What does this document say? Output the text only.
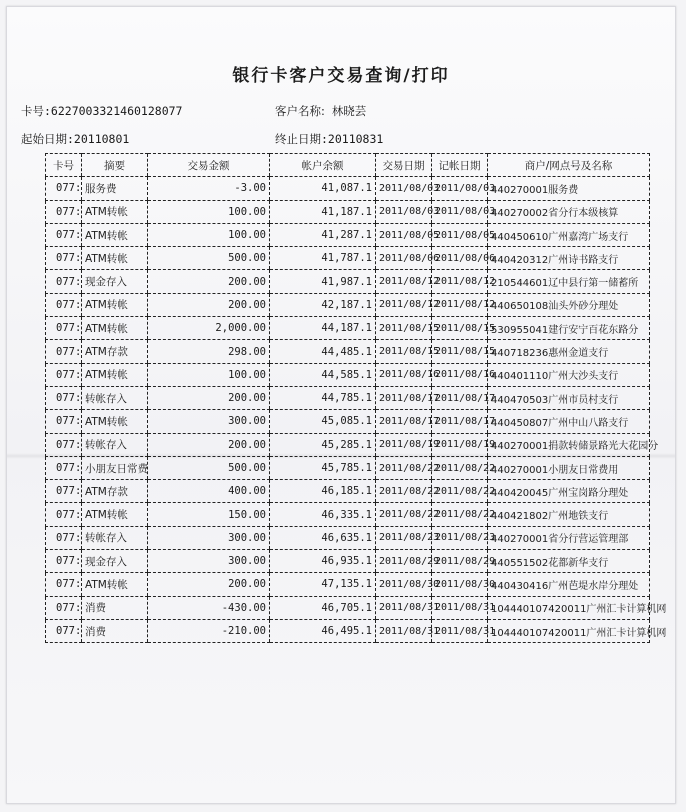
银行卡客户交易查询/打印
卡号:6227003321460128077	客户名称: 林晓芸
起始日期:20110801	终止日期:20110831
卡号	摘要	交易金额	帐户余额	交易日期	记帐日期	商户/网点号及名称
077:	服务费	-3.00	41,087.1	2011/08/03	2011/08/03	440270001服务费
077:	ATM转帐	100.00	41,187.1	2011/08/03	2011/08/03	440270002省分行本级核算
077:	ATM转帐	100.00	41,287.1	2011/08/05	2011/08/05	440450610广州嘉湾广场支行
077:	ATM转帐	500.00	41,787.1	2011/08/06	2011/08/06	440420312广州诗书路支行
077:	现金存入	200.00	41,987.1	2011/08/12	2011/08/12	210544601辽中县行第一储蓄所
077:	ATM转帐	200.00	42,187.1	2011/08/12	2011/08/12	440650108汕头外砂分理处
077:	ATM转帐	2,000.00	44,187.1	2011/08/15	2011/08/15	530955041建行安宁百花东路分
077:	ATM存款	298.00	44,485.1	2011/08/15	2011/08/15	440718236惠州金道支行
077:	ATM转帐	100.00	44,585.1	2011/08/16	2011/08/16	440401110广州大沙头支行
077:	转帐存入	200.00	44,785.1	2011/08/17	2011/08/17	440470503广州市员村支行
077:	ATM转帐	300.00	45,085.1	2011/08/17	2011/08/17	440450807广州中山八路支行
077:	转帐存入	200.00	45,285.1	2011/08/19	2011/08/19	440270001捐款转储景路光大花园分
077:	小朋友日常费	500.00	45,785.1	2011/08/22	2011/08/22	440270001小朋友日常费用
077:	ATM存款	400.00	46,185.1	2011/08/22	2011/08/22	440420045广州宝岗路分理处
077:	ATM转帐	150.00	46,335.1	2011/08/22	2011/08/22	440421802广州地铁支行
077:	转帐存入	300.00	46,635.1	2011/08/23	2011/08/23	440270001省分行营运管理部
077:	现金存入	300.00	46,935.1	2011/08/29	2011/08/29	440551502花都新华支行
077:	ATM转帐	200.00	47,135.1	2011/08/30	2011/08/30	440430416广州芭堤水岸分理处
077:	消费	-430.00	46,705.1	2011/08/31	2011/08/31	104440107420011广州汇卡计算机网
077:	消费	-210.00	46,495.1	2011/08/31	2011/08/31	104440107420011广州汇卡计算机网
